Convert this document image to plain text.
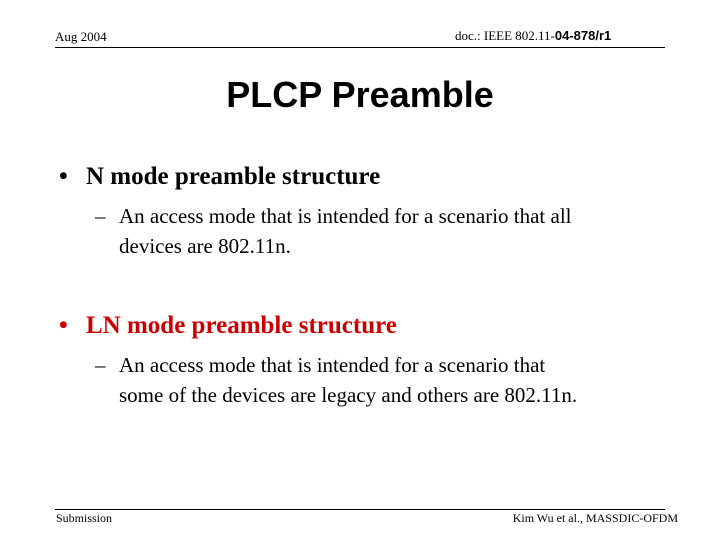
Aug 2004	doc.: IEEE 802.11-04-878/r1
PLCP Preamble
• N mode preamble structure
– An access mode that is intended for a scenario that all
devices are 802.11n.
• LN mode preamble structure
– An access mode that is intended for a scenario that
some of the devices are legacy and others are 802.11n.
Submission	Kim Wu et al., MASSDIC-OFDM
